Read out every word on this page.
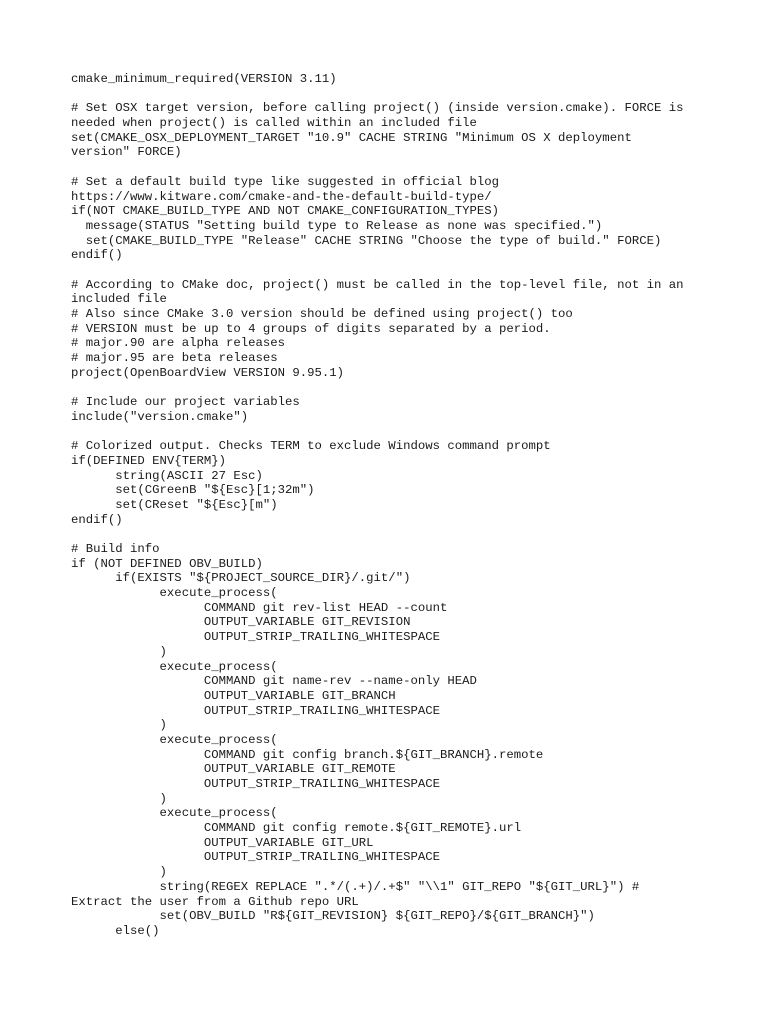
cmake_minimum_required(VERSION 3.11)
# Set OSX target version, before calling project() (inside version.cmake). FORCE is
needed when project() is called within an included file
set(CMAKE_OSX_DEPLOYMENT_TARGET "10.9" CACHE STRING "Minimum OS X deployment
version" FORCE)
# Set a default build type like suggested in official blog
https://www.kitware.com/cmake-and-the-default-build-type/
if(NOT CMAKE_BUILD_TYPE AND NOT CMAKE_CONFIGURATION_TYPES)
message(STATUS "Setting build type to Release as none was specified.")
set(CMAKE_BUILD_TYPE "Release" CACHE STRING "Choose the type of build." FORCE)
endif()
# According to CMake doc, project() must be called in the top-level file, not in an
included file
# Also since CMake 3.0 version should be defined using project() too
# VERSION must be up to 4 groups of digits separated by a period.
# major.90 are alpha releases
# major.95 are beta releases
project(OpenBoardView VERSION 9.95.1)
# Include our project variables
include("version.cmake")
# Colorized output. Checks TERM to exclude Windows command prompt
if(DEFINED ENV{TERM})
string(ASCII 27 Esc)
set(CGreenB "${Esc}[1;32m")
set(CReset "${Esc}[m")
endif()
# Build info
if (NOT DEFINED OBV_BUILD)
if(EXISTS "${PROJECT_SOURCE_DIR}/.git/")
execute_process(
COMMAND git rev-list HEAD --count
OUTPUT_VARIABLE GIT_REVISION
OUTPUT_STRIP_TRAILING_WHITESPACE
)
execute_process(
COMMAND git name-rev --name-only HEAD
OUTPUT_VARIABLE GIT_BRANCH
OUTPUT_STRIP_TRAILING_WHITESPACE
)
execute_process(
COMMAND git config branch.${GIT_BRANCH}.remote
OUTPUT_VARIABLE GIT_REMOTE
OUTPUT_STRIP_TRAILING_WHITESPACE
)
execute_process(
COMMAND git config remote.${GIT_REMOTE}.url
OUTPUT_VARIABLE GIT_URL
OUTPUT_STRIP_TRAILING_WHITESPACE
)
string(REGEX REPLACE ".*/(.+)/.+$" "\\1" GIT_REPO "${GIT_URL}") #
Extract the user from a Github repo URL
set(OBV_BUILD "R${GIT_REVISION} ${GIT_REPO}/${GIT_BRANCH}")
else()
